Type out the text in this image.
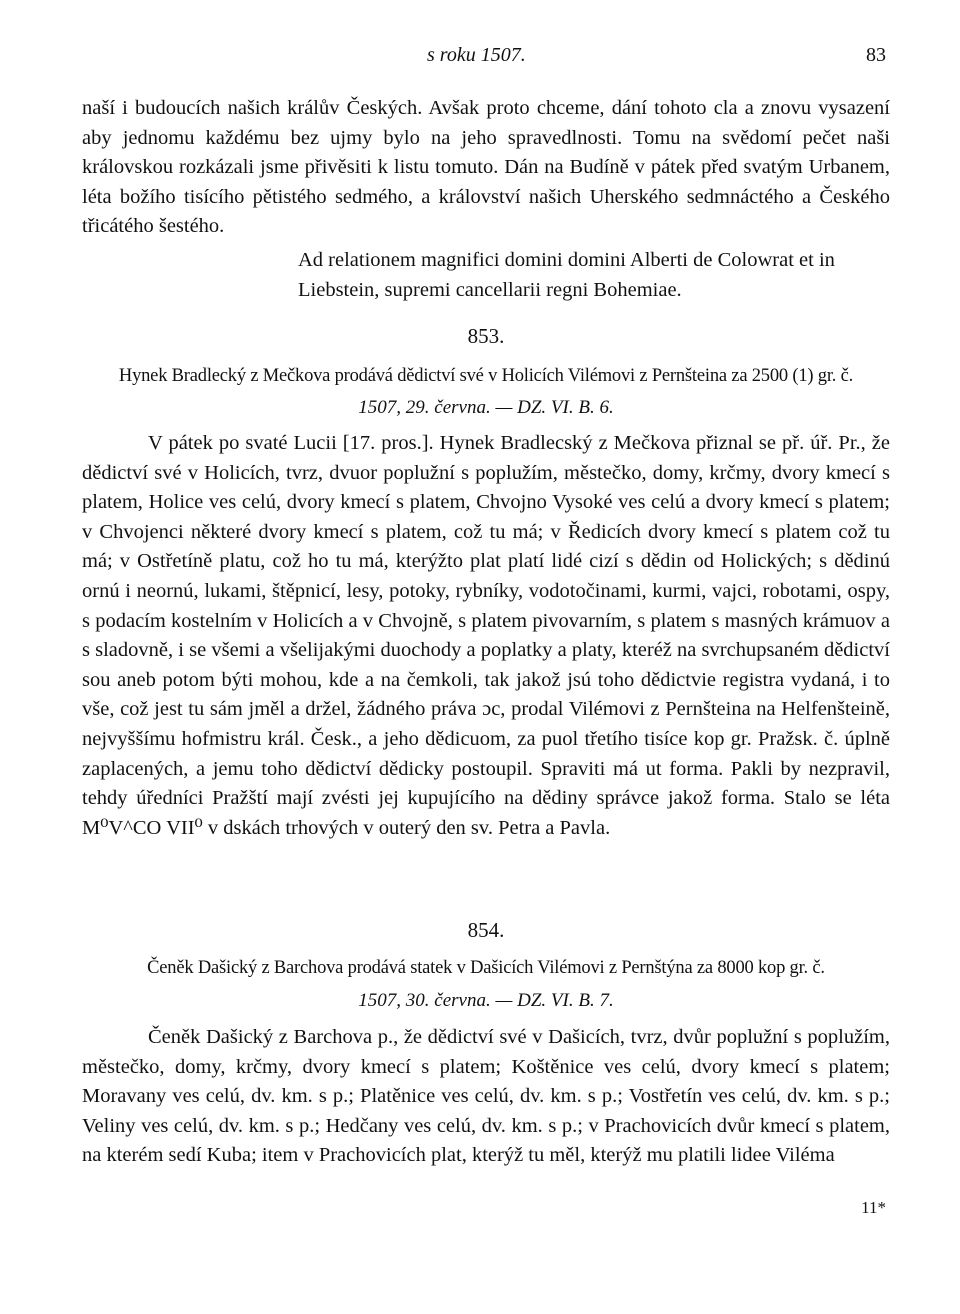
s roku 1507.	83

naší i budoucích našich králův Českých. Avšak proto chceme, dání tohoto cla a znovu vysazení aby jednomu každému bez ujmy bylo na jeho spravedlnosti. Tomu na svědomí pečet naši královskou rozkázali jsme přivěsiti k listu tomuto. Dán na Budíně v pátek před svatým Urbanem, léta božího tisícího pětistého sedmého, a království našich Uherského sedmnáctého a Českého třicátého šestého.

Ad relationem magnifici domini domini Alberti de Colowrat et in Liebstein, supremi cancellarii regni Bohemiae.

853.
Hynek Bradlecký z Mečkova prodává dědictví své v Holicích Vilémovi z Pernšteina za 2500 (1) gr. č.
1507, 29. června. — DZ. VI. B. 6.

V pátek po svaté Lucii [17. pros.]. Hynek Bradlecský z Mečkova přiznal se př. úř. Pr., že dědictví své v Holicích, tvrz, dvuor poplužní s poplužím, městečko, domy, krčmy, dvory kmecí s platem, Holice ves celú, dvory kmecí s platem, Chvojno Vysoké ves celú a dvory kmecí s platem; v Chvojenci některé dvory kmecí s platem, což tu má; v Ředicích dvory kmecí s platem což tu má; v Ostřetíně platu, což ho tu má, kterýžto plat platí lidé cizí s dědin od Holických; s dědinú ornú i neornú, lukami, štěpnicí, lesy, potoky, rybníky, vodotočinami, kurmi, vajci, robotami, ospy, s podacím kostelním v Holicích a v Chvojně, s platem pivovarním, s platem s masných krámuov a s sladovně, i se všemi a všelijakými duochody a poplatky a platy, kteréž na svrchupsaném dědictví sou aneb potom býti mohou, kde a na čemkoli, tak jakož jsú toho dědictvie registra vydaná, i to vše, což jest tu sám jměl a držel, žádného práva ɔc, prodal Vilémovi z Pernšteina na Helfenšteině, nejvyššímu hofmistru král. Česk., a jeho dědicuom, za puol třetího tisíce kop gr. Pražsk. č. úplně zaplacených, a jemu toho dědictví dědicky postoupil. Spraviti má ut forma. Pakli by nezpravil, tehdy úředníci Pražští mají zvésti jej kupujícího na dědiny správce jakož forma. Stalo se léta M⁰V^CO VII⁰ v dskách trhových v outerý den sv. Petra a Pavla.

854.
Čeněk Dašický z Barchova prodává statek v Dašicích Vilémovi z Pernštýna za 8000 kop gr. č.
1507, 30. června. — DZ. VI. B. 7.

Čeněk Dašický z Barchova p., že dědictví své v Dašicích, tvrz, dvůr poplužní s poplužím, městečko, domy, krčmy, dvory kmecí s platem; Koštěnice ves celú, dvory kmecí s platem; Moravany ves celú, dv. km. s p.; Platěnice ves celú, dv. km. s p.; Vostřetín ves celú, dv. km. s p.; Veliny ves celú, dv. km. s p.; Hedčany ves celú, dv. km. s p.; v Prachovicích dvůr kmecí s platem, na kterém sedí Kuba; item v Prachovicích plat, kterýž tu měl, kterýž mu platili lidee Viléma

11*
